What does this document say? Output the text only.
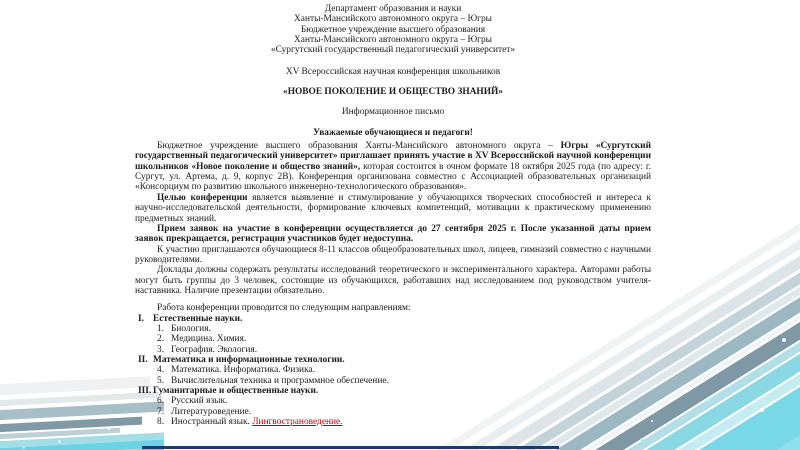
Департамент образования и науки
Ханты-Мансийского автономного округа – Югры
Бюджетное учреждение высшего образования
Ханты-Мансийского автономного округа – Югры
«Сургутский государственный педагогический университет»
XV Всероссийская научная конференция школьников
«НОВОЕ ПОКОЛЕНИЕ И ОБЩЕСТВО ЗНАНИЙ»
Информационное письмо
Уважаемые обучающиеся и педагоги!

Бюджетное учреждение высшего образования Ханты-Мансийского автономного округа – Югры «Сургутский государственный педагогический университет» приглашает принять участие в XV Всероссийской научной конференции школьников «Новое поколение и общество знаний», которая состоится в очном формате 18 октября 2025 года (по адресу: г. Сургут, ул. Артема, д. 9, корпус 2В). Конференция организована совместно с Ассоциацией образовательных организаций «Консорциум по развитию школьного инженерно-технологического образования».

Целью конференции является выявление и стимулирование у обучающихся творческих способностей и интереса к научно-исследовательской деятельности, формирование ключевых компетенций, мотивации к практическому применению предметных знаний.

Прием заявок на участие в конференции осуществляется до 27 сентября 2025 г. После указанной даты прием заявок прекращается, регистрация участников будет недоступна.

К участию приглашаются обучающиеся 8-11 классов общеобразовательных школ, лицеев, гимназий совместно с научными руководителями.

Доклады должны содержать результаты исследований теоретического и экспериментального характера. Авторами работы могут быть группы до 3 человек, состоящие из обучающихся, работавших над исследованием под руководством учителя-наставника. Наличие презентации обязательно.

Работа конференции проводится по следующим направлениям:
I. Естественные науки.
1. Биология.
2. Медицина. Химия.
3. География. Экология.
II. Математика и информационные технологии.
4. Математика. Информатика. Физика.
5. Вычислительная техника и программное обеспечение.
III. Гуманитарные и общественные науки.
6. Русский язык.
7. Литературоведение.
8. Иностранный язык. Лингвострановедение.
